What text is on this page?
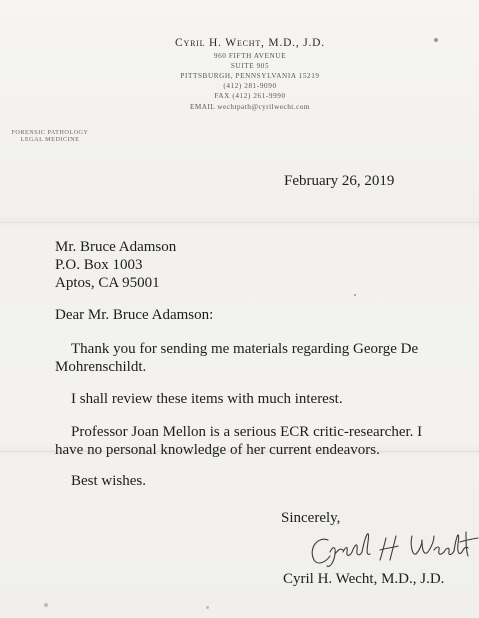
Cyril H. Wecht, M.D., J.D.
960 FIFTH AVENUE
SUITE 905
PITTSBURGH, PENNSYLVANIA 15219
(412) 281-9090
FAX (412) 261-9990
EMAIL wechtpath@cyrilwecht.com
FORENSIC PATHOLOGY
LEGAL MEDICINE
February 26, 2019
Mr. Bruce Adamson
P.O. Box 1003
Aptos, CA 95001
Dear Mr. Bruce Adamson:
Thank you for sending me materials regarding George De
Mohrenschildt.
I shall review these items with much interest.
Professor Joan Mellon is a serious ECR critic-researcher. I
have no personal knowledge of her current endeavors.
Best wishes.
Sincerely,
Cyril H. Wecht, M.D., J.D.
